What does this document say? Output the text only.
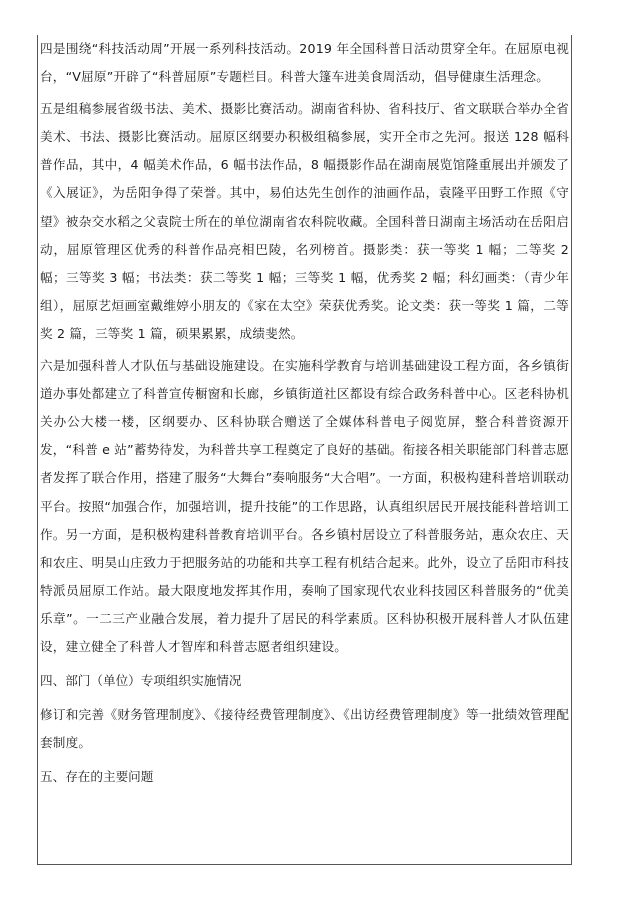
四是围绕“科技活动周”开展一系列科技活动。2019 年全国科普日活动贯穿全年。在屈原电视台，“V屈原”开辟了“科普屈原”专题栏目。科普大篷车进美食周活动，倡导健康生活理念。

五是组稿参展省级书法、美术、摄影比赛活动。湖南省科协、省科技厅、省文联联合举办全省美术、书法、摄影比赛活动。屈原区纲要办积极组稿参展，实开全市之先河。报送 128 幅科普作品，其中，4 幅美术作品，6 幅书法作品，8 幅摄影作品在湖南展览馆隆重展出并颁发了《入展证》，为岳阳争得了荣誉。其中，易伯达先生创作的油画作品，袁隆平田野工作照《守望》被杂交水稻之父袁院士所在的单位湖南省农科院收藏。全国科普日湖南主场活动在岳阳启动，屈原管理区优秀的科普作品亮相巴陵，名列榜首。摄影类：获一等奖 1 幅；二等奖 2 幅；三等奖 3 幅；书法类：获二等奖 1 幅；三等奖 1 幅，优秀奖 2 幅；科幻画类：（青少年组），屈原艺烜画室戴维婷小朋友的《家在太空》荣获优秀奖。论文类：获一等奖 1 篇，二等奖 2 篇，三等奖 1 篇，硕果累累，成绩斐然。

六是加强科普人才队伍与基础设施建设。在实施科学教育与培训基础建设工程方面，各乡镇街道办事处都建立了科普宣传橱窗和长廊，乡镇街道社区都设有综合政务科普中心。区老科协机关办公大楼一楼，区纲要办、区科协联合赠送了全媒体科普电子阅览屏，整合科普资源开发，“科普 e 站”蓄势待发，为科普共享工程奠定了良好的基础。衔接各相关职能部门科普志愿者发挥了联合作用，搭建了服务“大舞台”奏响服务“大合唱”。一方面，积极构建科普培训联动平台。按照“加强合作，加强培训，提升技能”的工作思路，认真组织居民开展技能科普培训工作。另一方面，是积极构建科普教育培训平台。各乡镇村居设立了科普服务站，惠众农庄、天和农庄、明昊山庄致力于把服务站的功能和共享工程有机结合起来。此外，设立了岳阳市科技特派员屈原工作站。最大限度地发挥其作用，奏响了国家现代农业科技园区科普服务的“优美乐章”。一二三产业融合发展，着力提升了居民的科学素质。区科协积极开展科普人才队伍建设，建立健全了科普人才智库和科普志愿者组织建设。

四、部门（单位）专项组织实施情况

修订和完善《财务管理制度》、《接待经费管理制度》、《出访经费管理制度》等一批绩效管理配套制度。

五、存在的主要问题
